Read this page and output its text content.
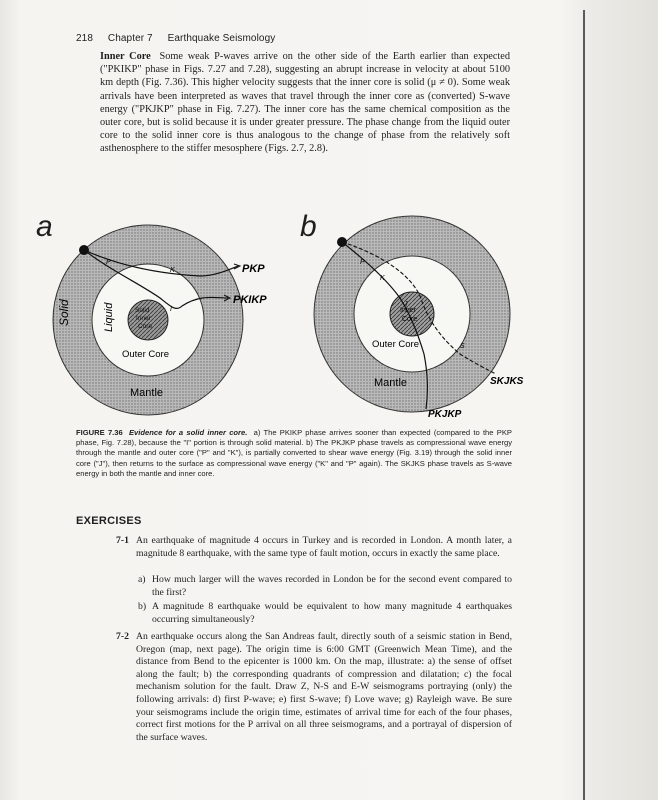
218 Chapter 7 Earthquake Seismology
Inner Core Some weak P-waves arrive on the other side of the Earth earlier than expected ("PKIKP" phase in Figs. 7.27 and 7.28), suggesting an abrupt increase in velocity at about 5100 km depth (Fig. 7.36). This higher velocity suggests that the inner core is solid (μ ≠ 0). Some weak arrivals have been interpreted as waves that travel through the inner core as (converted) S-wave energy ("PKJKP" phase in Fig. 7.27). The inner core has the same chemical composition as the outer core, but is solid because it is under greater pressure. The phase change from the liquid outer core to the solid inner core is thus analogous to the change of phase from the relatively soft asthenosphere to the stiffer mesosphere (Figs. 2.7, 2.8).
a
PKP
PKIKP
P
K
I
Solid	Liquid	Solid
Inner
Core
Outer Core
Mantle
b
SKJKS
PKJKP
P
K
S
J
Inner
Core
Outer Core
Mantle
FIGURE 7.36 Evidence for a solid inner core. a) The PKIKP phase arrives sooner than expected (compared to the PKP phase, Fig. 7.28), because the "I" portion is through solid material. b) The PKJKP phase travels as compressional wave energy through the mantle and outer core ("P" and "K"), is partially converted to shear wave energy (Fig. 3.19) through the solid inner core ("J"), then returns to the surface as compressional wave energy ("K" and "P" again). The SKJKS phase travels as S-wave energy in both the mantle and inner core.
EXERCISES
7-1 An earthquake of magnitude 4 occurs in Turkey and is recorded in London. A month later, a magnitude 8 earthquake, with the same type of fault motion, occurs in exactly the same place.
a) How much larger will the waves recorded in London be for the second event compared to the first?
b) A magnitude 8 earthquake would be equivalent to how many magnitude 4 earthquakes occurring simultaneously?
7-2 An earthquake occurs along the San Andreas fault, directly south of a seismic station in Bend, Oregon (map, next page). The origin time is 6:00 GMT (Greenwich Mean Time), and the distance from Bend to the epicenter is 1000 km. On the map, illustrate: a) the sense of offset along the fault; b) the corresponding quadrants of compression and dilatation; c) the focal mechanism solution for the fault. Draw Z, N-S and E-W seismograms portraying (only) the following arrivals: d) first P-wave; e) first S-wave; f) Love wave; g) Rayleigh wave. Be sure your seismograms include the origin time, estimates of arrival time for each of the four phases, correct first motions for the P arrival on all three seismograms, and a portrayal of dispersion of the surface waves.
